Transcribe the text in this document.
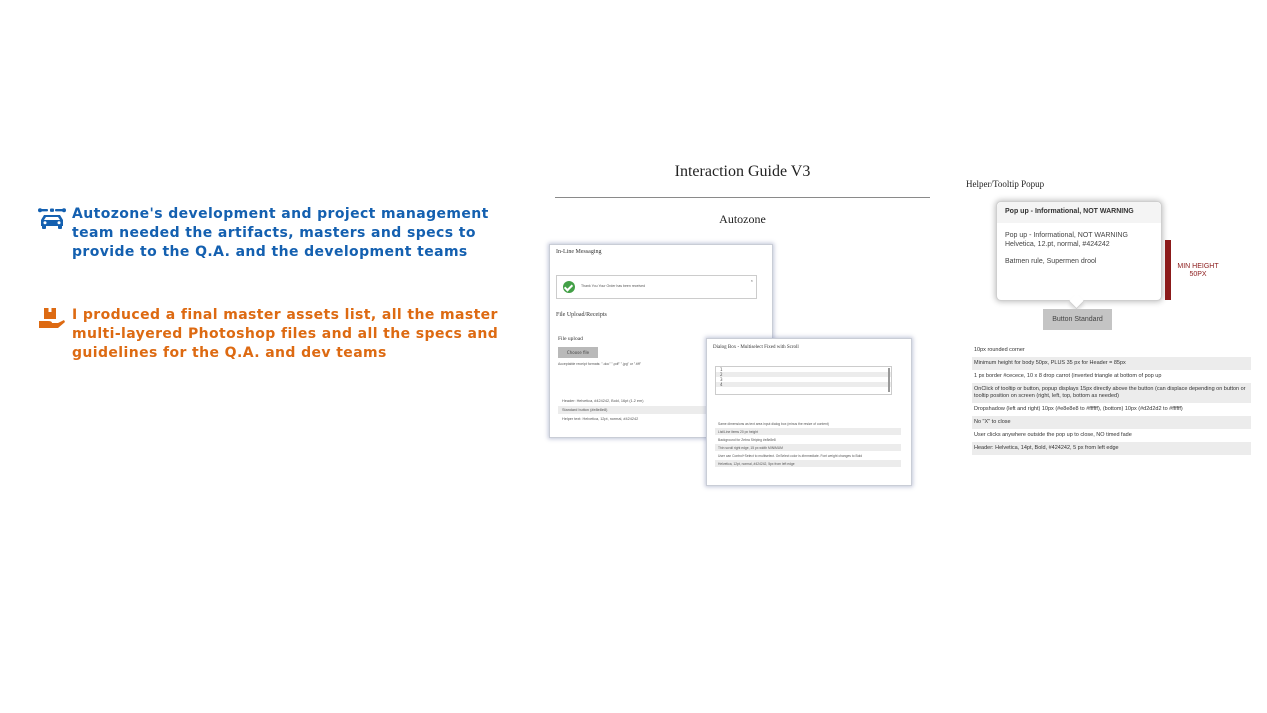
Autozone's development and project management team needed the artifacts, masters and specs to provide to the Q.A. and the development teams
I produced a final master assets list, all the master multi-layered Photoshop files and all the specs and guidelines for the Q.A. and dev teams
Interaction Guide V3
Autozone
In-Line Messaging
Thank You Your Order has been received
×
File Upload/Receipts
File upload
Choose file
Acceptable receipt formats: ".doc" ".pdf" ".jpg" or ".tiff"
Header: Helvetica, #424242, Bold, 16pt (1.2 em)
Standard button (#e8e8e8)
Helper text: Helvetica, 12pt, normal, #424242
Dialog Box - Multiselect Fixed with Scroll
1
2
3
4
Same dimensions as text area input dialog box (minus the resize of content)
List/Line items 20 px height
Background for Zebra Striping #e8e8e8
Thin scroll right edge, 15 px width MINIMUM
User can Control+Select to multiselect. OnSelect color is #immediate. Font weight changes to Bold
Helvetica, 12pt, normal, #424242, 5px from left edge
Helper/Tooltip Popup
Pop up - Informational, NOT WARNING
Pop up - Informational, NOT WARNING
Helvetica, 12.pt, normal, #424242
Batmen rule, Supermen drool
MIN HEIGHT
50PX
Button Standard
10px rounded corner
Minimum height for body 50px, PLUS 35 px for Header = 85px
1 px border #cecece, 10 x 8 drop carrot (inverted triangle at bottom of pop up
OnClick of tooltip or button, popup displays 15px directly above the button (can displace depending on button or tooltip position on screen (right, left, top, bottom as needed)
Dropshadow (left and right) 10px (#e8e8e8 to #ffffff), (bottom) 10px (#d2d2d2 to #ffffff)
No "X" to close
User clicks anywhere outside the pop up to close, NO timed fade
Header: Helvetica, 14pt, Bold, #424242, 5 px from left edge
